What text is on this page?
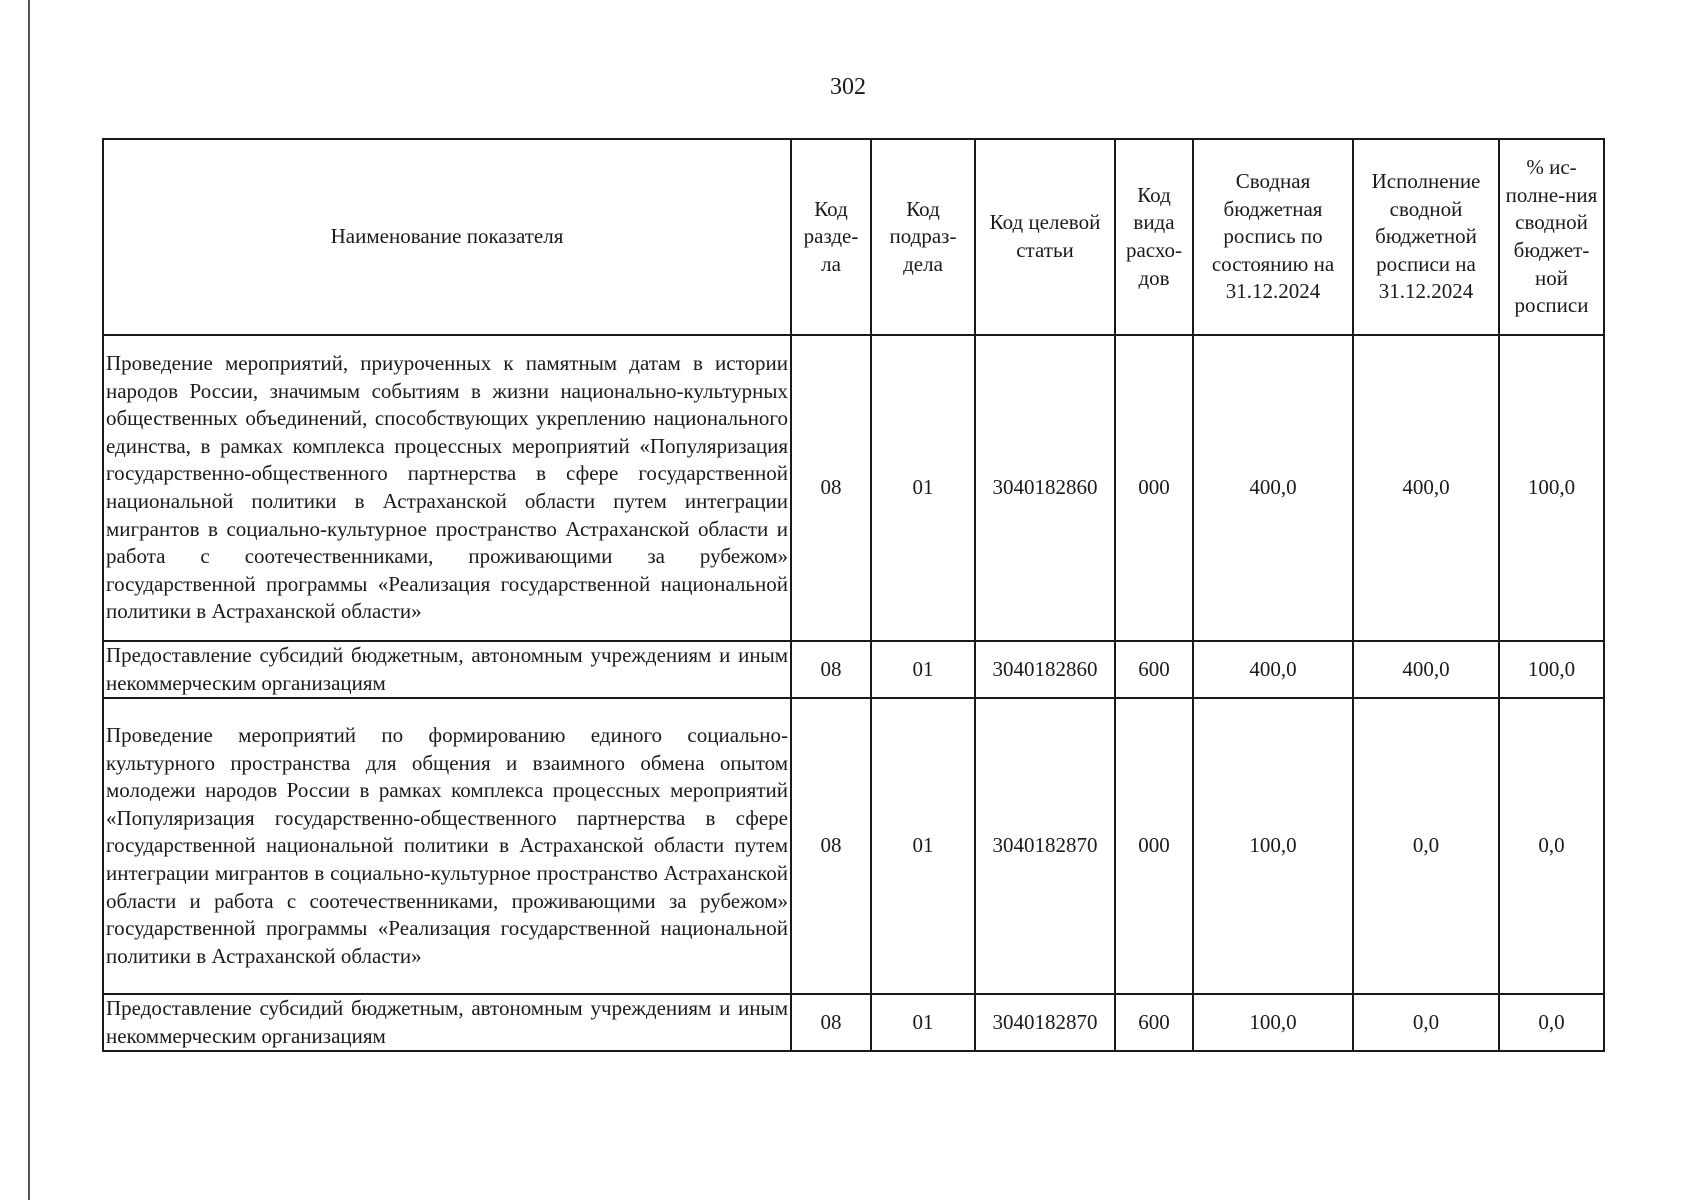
302
Наименование показателя	Код разде-ла	Код подраз-дела	Код целевой статьи	Код вида расхо-дов	Сводная бюджетная роспись по состоянию на 31.12.2024	Исполнение сводной бюджетной росписи на 31.12.2024	% ис-полне-ния сводной бюджет-ной росписи
Проведение мероприятий, приуроченных к памятным датам в истории народов России, значимым событиям в жизни национально-культурных общественных объединений, способствующих укреплению национального единства, в рамках комплекса процессных мероприятий «Популяризация государственно-общественного партнерства в сфере государственной национальной политики в Астраханской области путем интеграции мигрантов в социально-культурное пространство Астраханской области и работа с соотечественниками, проживающими за рубежом» государственной программы «Реализация государственной национальной политики в Астраханской области»	08	01	3040182860	000	400,0	400,0	100,0
Предоставление субсидий бюджетным, автономным учреждениям и иным некоммерческим организациям	08	01	3040182860	600	400,0	400,0	100,0
Проведение мероприятий по формированию единого социально-культурного пространства для общения и взаимного обмена опытом молодежи народов России в рамках комплекса процессных мероприятий «Популяризация государственно-общественного партнерства в сфере государственной национальной политики в Астраханской области путем интеграции мигрантов в социально-культурное пространство Астраханской области и работа с соотечественниками, проживающими за рубежом» государственной программы «Реализация государственной национальной политики в Астраханской области»	08	01	3040182870	000	100,0	0,0	0,0
Предоставление субсидий бюджетным, автономным учреждениям и иным некоммерческим организациям	08	01	3040182870	600	100,0	0,0	0,0
